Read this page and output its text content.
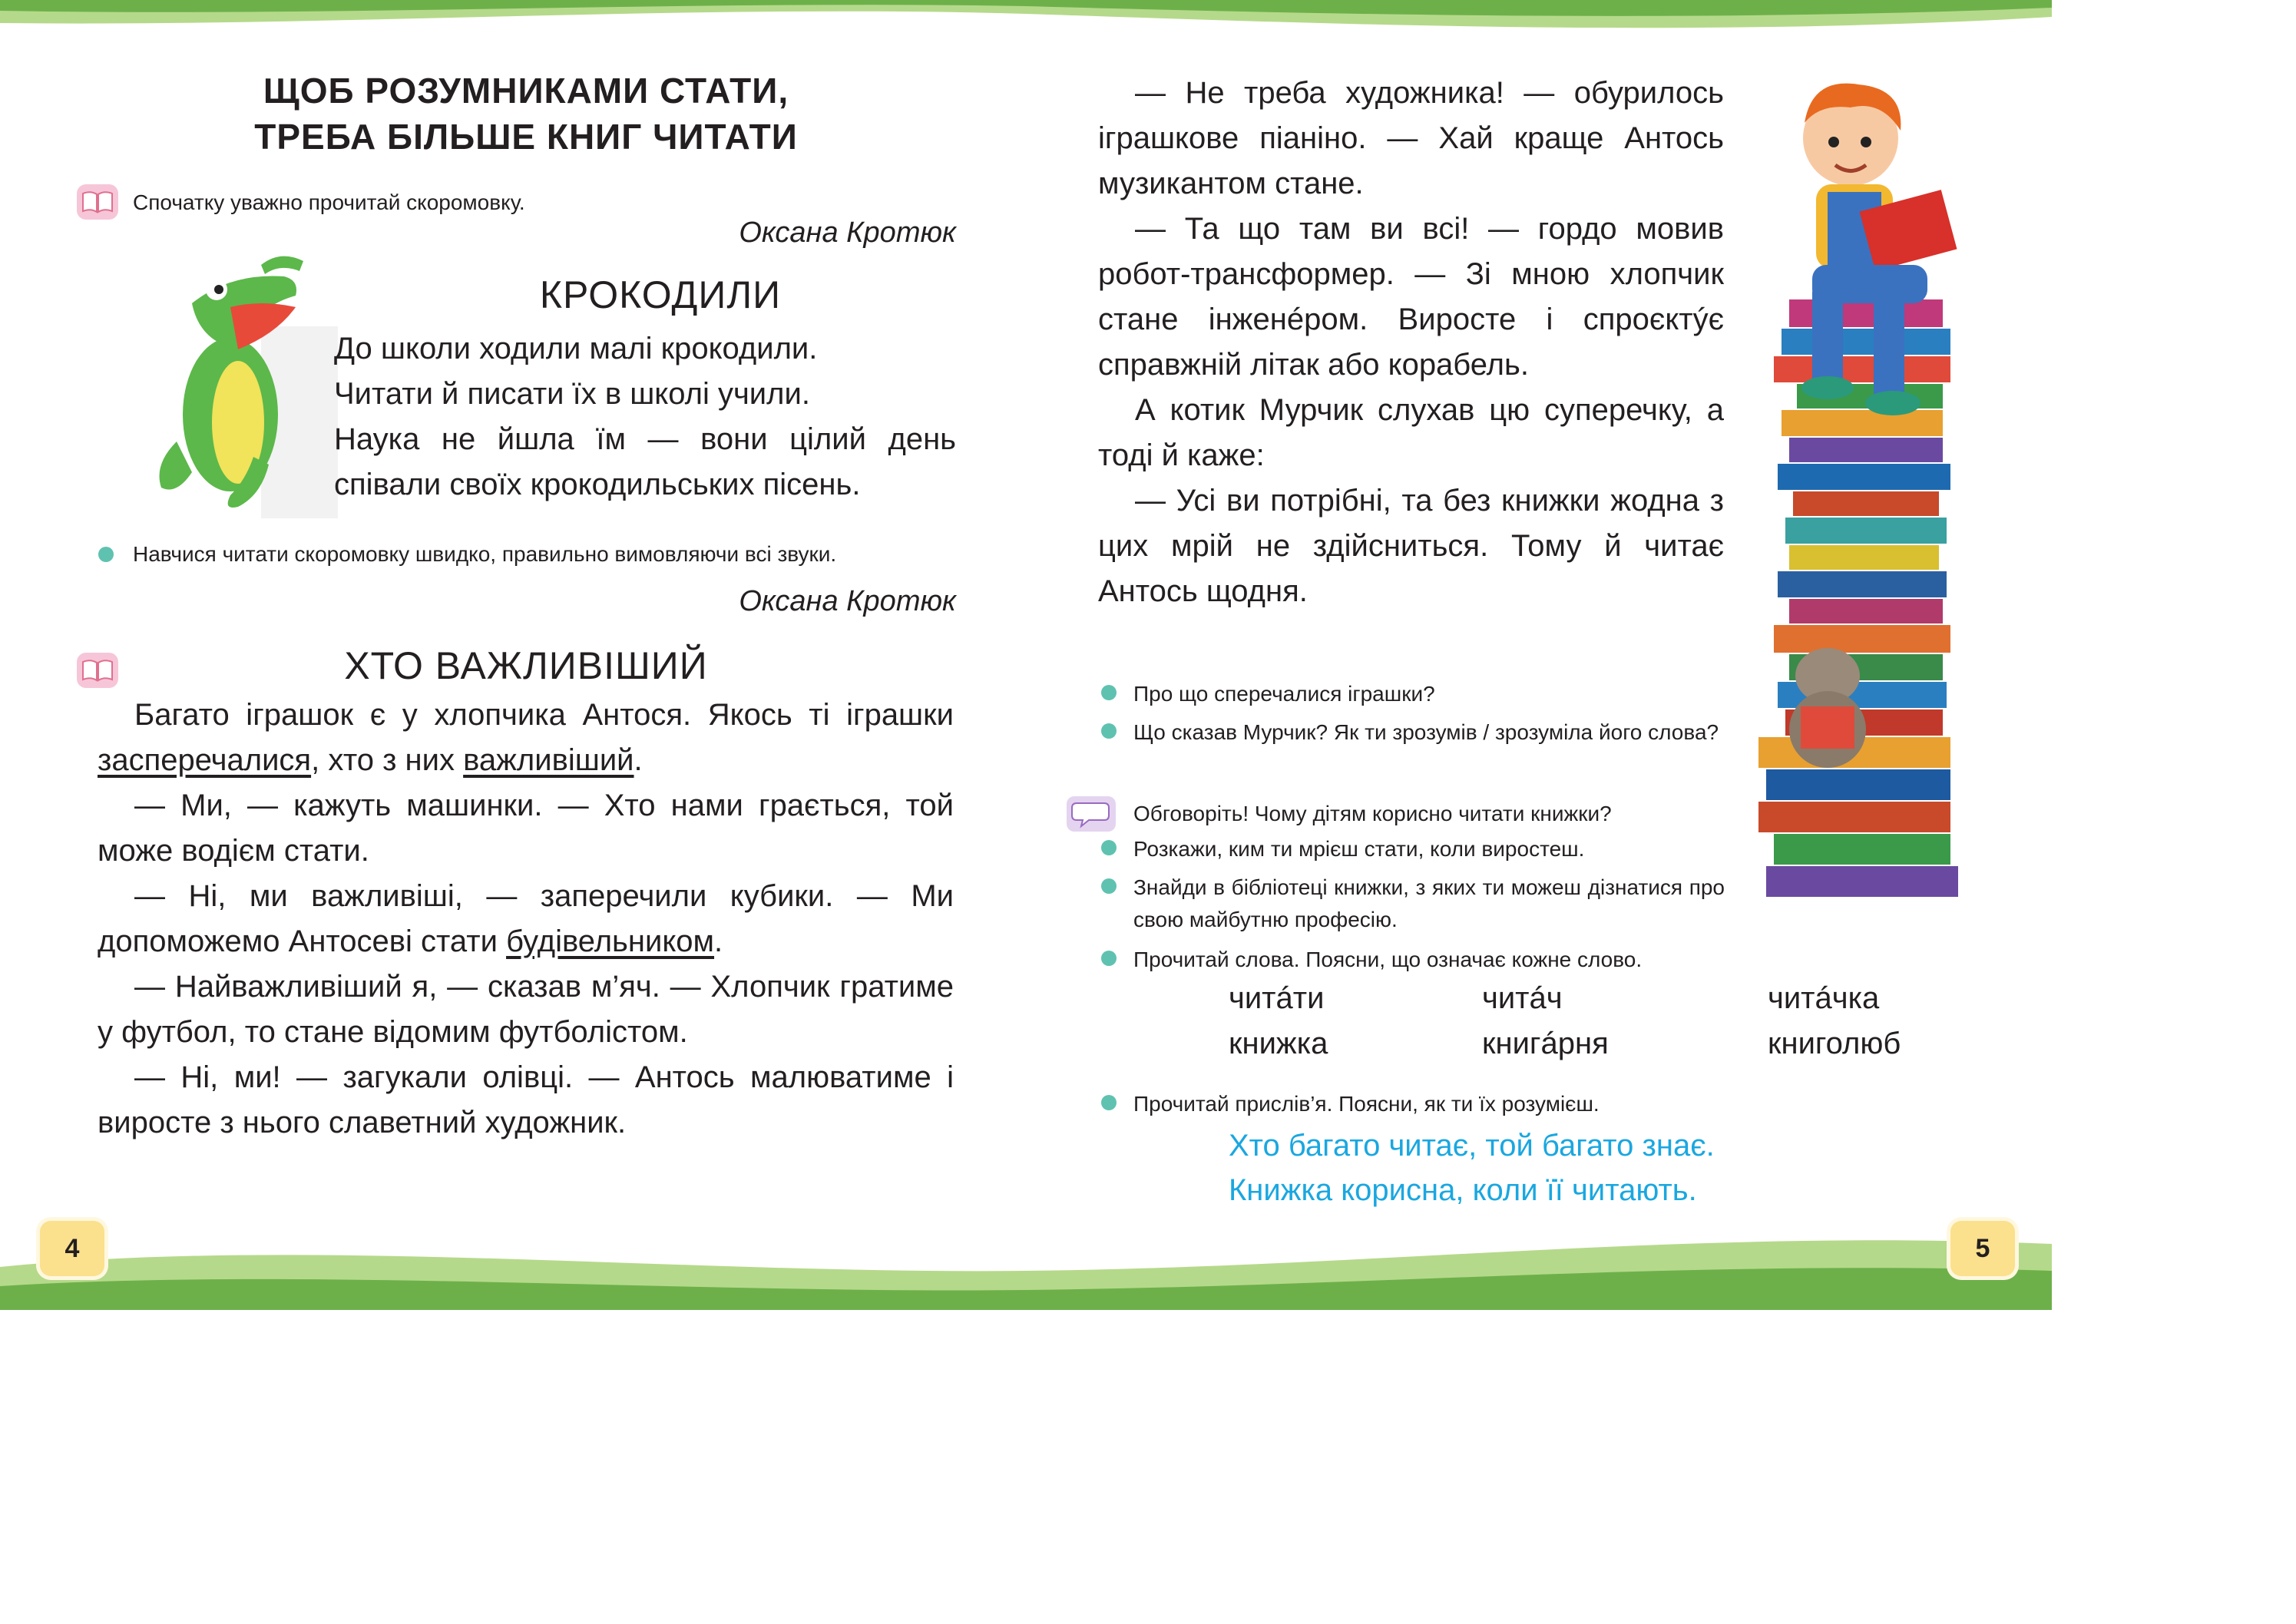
ЩОБ РОЗУМНИКАМИ СТАТИ,
ТРЕБА БІЛЬШЕ КНИГ ЧИТАТИ
Спочатку уважно прочитай скоромовку.
Оксана Кротюк
КРОКОДИЛИ
До школи ходили малі крокодили.
Читати й писати їх в школі учили.
Наука не йшла їм — вони цілий день
співали своїх крокодильських пісень.
Навчися читати скоромовку швидко, правильно вимовляючи всі звуки.
Оксана Кротюк
ХТО ВАЖЛИВІШИЙ

Багато іграшок є у хлопчика Антося. Якось ті іграшки засперечалися, хто з них важливіший.

— Ми, — кажуть машинки. — Хто нами грається, той може водієм стати.

— Ні, ми важливіші, — заперечили кубики. — Ми допоможемо Антосеві стати будівельником.

— Найважливіший я, — сказав м’яч. — Хлопчик гратиме у футбол, то стане відомим футболістом.

— Ні, ми! — загукали олівці. — Антось малюватиме і виросте з нього славетний художник.

4

— Не треба художника! — обурилось іграшкове піаніно. — Хай краще Антось музикантом стане.

— Та що там ви всі! — гордо мовив робот-трансформер. — Зі мною хлопчик стане інженéром. Виросте і спроєктýє справжній літак або корабель.

А котик Мурчик слухав цю суперечку, а тоді й каже:

— Усі ви потрібні, та без книжки жодна з цих мрій не здійсниться. Тому й читає Антось щодня.

Про що сперечалися іграшки?
Що сказав Мурчик? Як ти зрозумів / зрозуміла його слова?
Обговоріть! Чому дітям корисно читати книжки?
Розкажи, ким ти мрієш стати, коли виростеш.
Знайди в бібліотеці книжки, з яких ти можеш дізнатися про свою майбутню професію.
Прочитай слова. Поясни, що означає кожне слово.
читáти	читáч	читáчка
книжка	книгáрня	книголюб
Прочитай прислів’я. Поясни, як ти їх розумієш.
Хто багато читає, той багато знає.
Книжка корисна, коли її читають.
5
